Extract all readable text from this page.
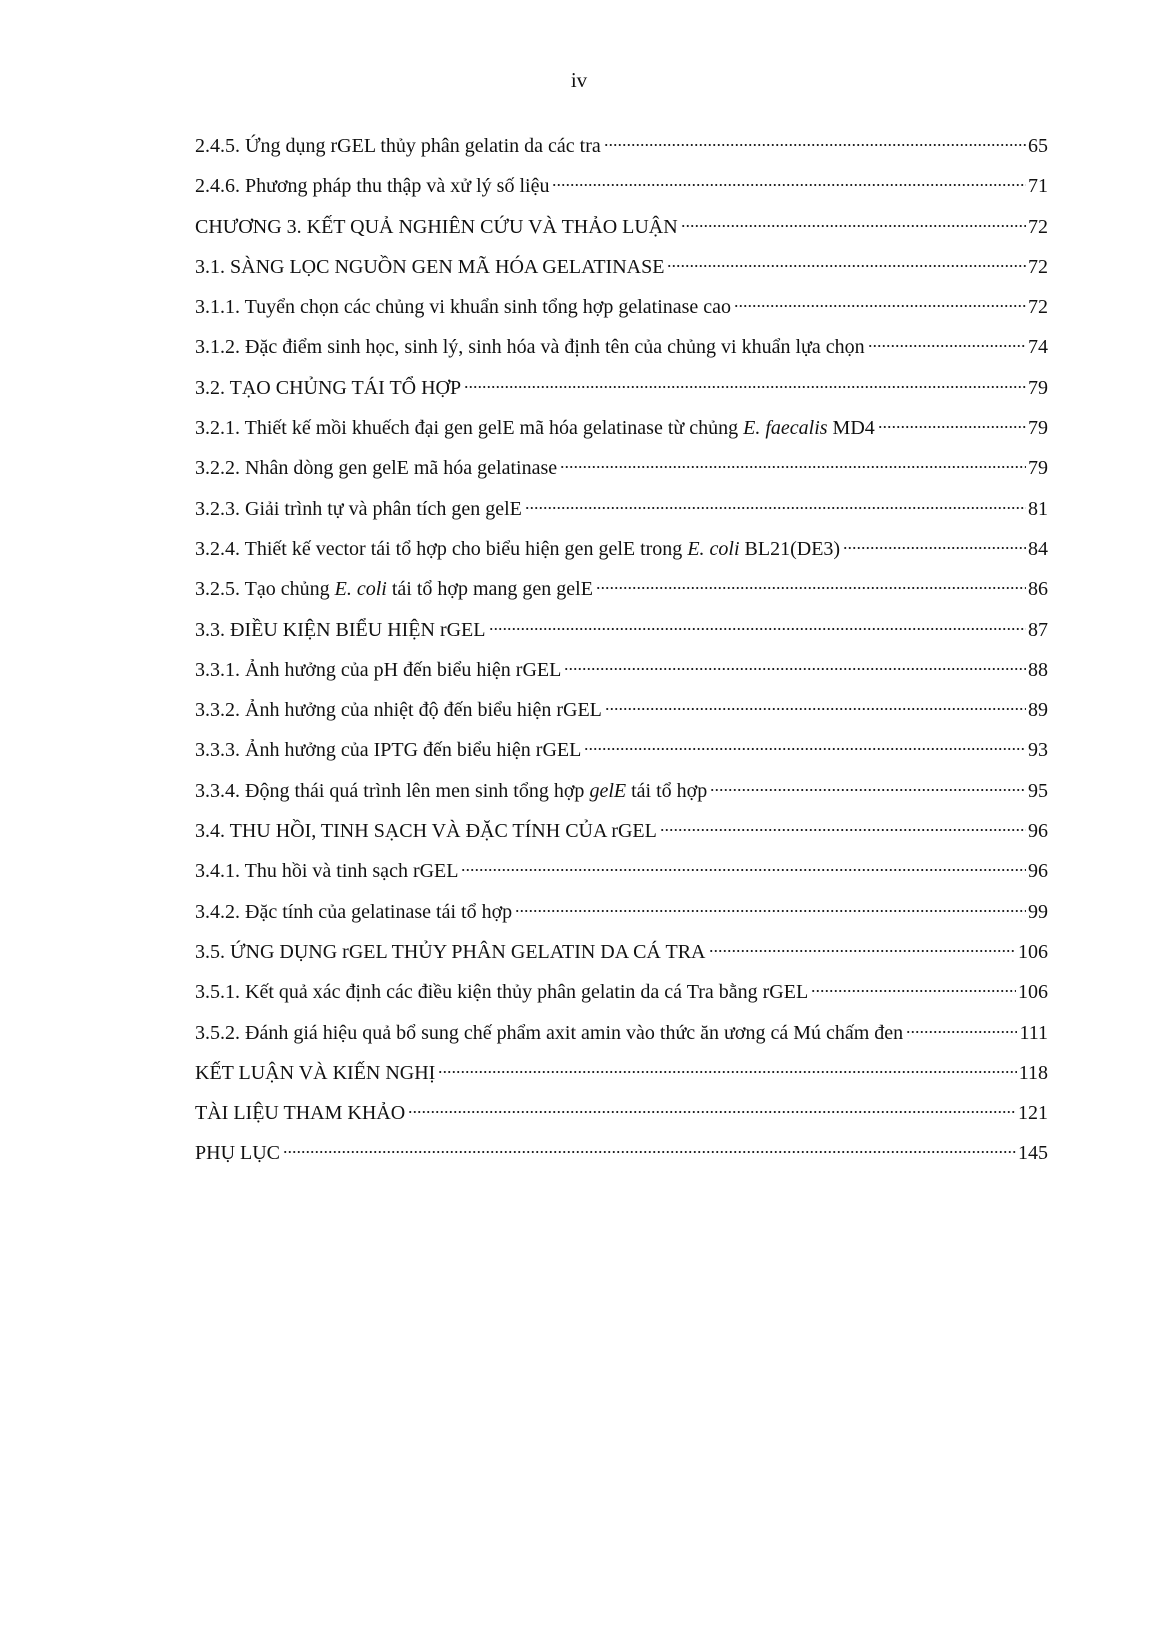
iv
2.4.5. Ứng dụng rGEL thủy phân gelatin da các tra	65
2.4.6. Phương pháp thu thập và xử lý số liệu	71
CHƯƠNG 3. KẾT QUẢ NGHIÊN CỨU VÀ THẢO LUẬN	72
3.1. SÀNG LỌC NGUỒN GEN MÃ HÓA GELATINASE	72
3.1.1. Tuyển chọn các chủng vi khuẩn sinh tổng hợp gelatinase cao	72
3.1.2. Đặc điểm sinh học, sinh lý, sinh hóa và định tên của chủng vi khuẩn lựa chọn	74
3.2. TẠO CHỦNG TÁI TỔ HỢP	79
3.2.1. Thiết kế mồi khuếch đại gen gelE mã hóa gelatinase từ chủng E. faecalis MD4	79
3.2.2. Nhân dòng gen gelE mã hóa gelatinase	79
3.2.3. Giải trình tự và phân tích gen gelE	81
3.2.4. Thiết kế vector tái tổ hợp cho biểu hiện gen gelE trong E. coli BL21(DE3)	84
3.2.5. Tạo chủng E. coli tái tổ hợp mang gen gelE	86
3.3. ĐIỀU KIỆN BIỂU HIỆN rGEL	87
3.3.1. Ảnh hưởng của pH đến biểu hiện rGEL	88
3.3.2. Ảnh hưởng của nhiệt độ đến biểu hiện rGEL	89
3.3.3. Ảnh hưởng của IPTG đến biểu hiện rGEL	93
3.3.4. Động thái quá trình lên men sinh tổng hợp gelE tái tổ hợp	95
3.4. THU HỒI, TINH SẠCH VÀ ĐẶC TÍNH CỦA rGEL	96
3.4.1. Thu hồi và tinh sạch rGEL	96
3.4.2. Đặc tính của gelatinase tái tổ hợp	99
3.5. ỨNG DỤNG rGEL THỦY PHÂN GELATIN DA CÁ TRA	106
3.5.1. Kết quả xác định các điều kiện thủy phân gelatin da cá Tra bằng rGEL	106
3.5.2. Đánh giá hiệu quả bổ sung chế phẩm axit amin vào thức ăn ương cá Mú chấm đen	111
KẾT LUẬN VÀ KIẾN NGHỊ	118
TÀI LIỆU THAM KHẢO	121
PHỤ LỤC	145
